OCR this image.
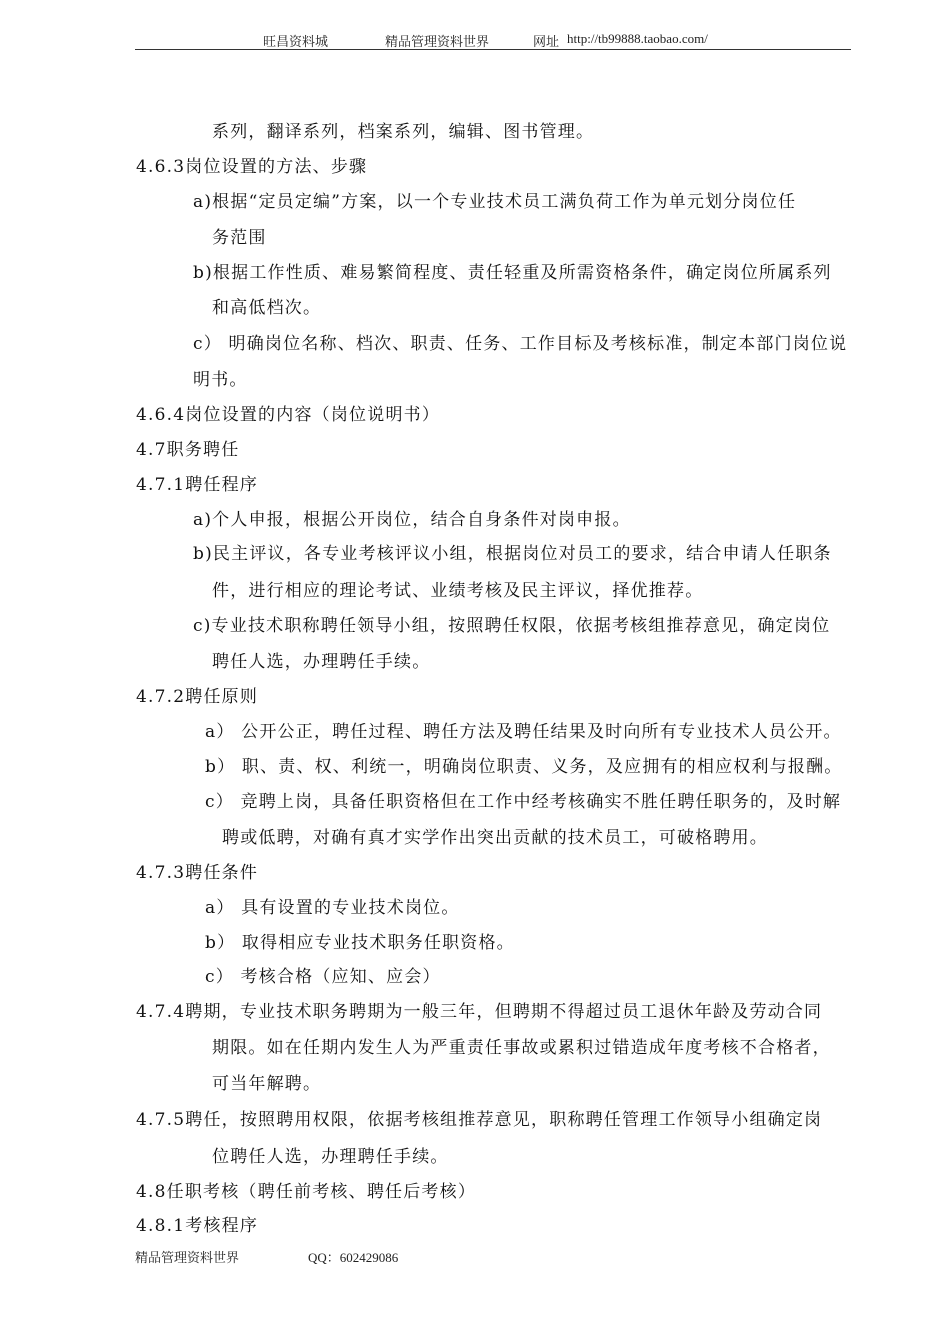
旺昌资料城	精品管理资料世界	网址 http://tb99888.taobao.com/
系列，翻译系列，档案系列，编辑、图书管理。
4.6.3岗位设置的方法、步骤
a)根据“定员定编”方案，以一个专业技术员工满负荷工作为单元划分岗位任
务范围
b)根据工作性质、难易繁简程度、责任轻重及所需资格条件，确定岗位所属系列
和高低档次。
c） 明确岗位名称、档次、职责、任务、工作目标及考核标准，制定本部门岗位说
明书。
4.6.4岗位设置的内容（岗位说明书）
4.7职务聘任
4.7.1聘任程序
a)个人申报，根据公开岗位，结合自身条件对岗申报。
b)民主评议，各专业考核评议小组，根据岗位对员工的要求，结合申请人任职条
件，进行相应的理论考试、业绩考核及民主评议，择优推荐。
c)专业技术职称聘任领导小组，按照聘任权限，依据考核组推荐意见，确定岗位
聘任人选，办理聘任手续。
4.7.2聘任原则
a） 公开公正，聘任过程、聘任方法及聘任结果及时向所有专业技术人员公开。
b） 职、责、权、利统一，明确岗位职责、义务，及应拥有的相应权利与报酬。
c） 竞聘上岗，具备任职资格但在工作中经考核确实不胜任聘任职务的，及时解
聘或低聘，对确有真才实学作出突出贡献的技术员工，可破格聘用。
4.7.3聘任条件
a） 具有设置的专业技术岗位。
b） 取得相应专业技术职务任职资格。
c） 考核合格（应知、应会）
4.7.4聘期，专业技术职务聘期为一般三年，但聘期不得超过员工退休年龄及劳动合同
期限。如在任期内发生人为严重责任事故或累积过错造成年度考核不合格者，
可当年解聘。
4.7.5聘任，按照聘用权限，依据考核组推荐意见，职称聘任管理工作领导小组确定岗
位聘任人选，办理聘任手续。
4.8任职考核（聘任前考核、聘任后考核）
4.8.1考核程序
精品管理资料世界	QQ：602429086
